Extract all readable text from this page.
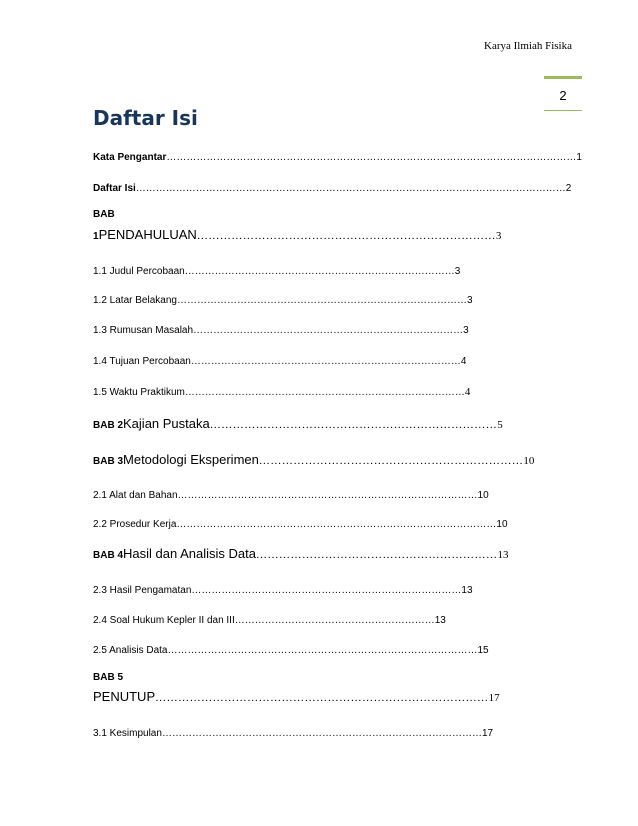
Karya Ilmiah Fisika
2
Daftar Isi
Kata Pengantar……………………………………………………………………………………………………………1
Daftar Isi…………………………………………………………………………………………………………………2
BAB
1PENDAHULUAN……………………………………………………………………3
1.1 Judul Percobaan………………………………………………………………………3
1.2 Latar Belakang……………………………………………………………………………3
1.3 Rumusan Masalah………………………………………………………………………3
1.4 Tujuan Percobaan………………………………………………………………………4
1.5 Waktu Praktikum…………………………………………………………………………4
BAB 2Kajian Pustaka…………………………………………………………………5
BAB 3Metodologi Eksperimen……………………………………………………………10
2.1 Alat dan Bahan………………………………………………………………………………10
2.2 Prosedur Kerja……………………………………………………………………………………10
BAB 4Hasil dan Analisis Data………………………………………………………13
2.3 Hasil Pengamatan………………………………………………………………………13
2.4 Soal Hukum Kepler II dan III……………………………………………………13
2.5 Analisis Data…………………………………………………………………………………15
BAB 5
PENUTUP……………………………………………………………………………17
3.1 Kesimpulan……………………………………………………………………………………17
